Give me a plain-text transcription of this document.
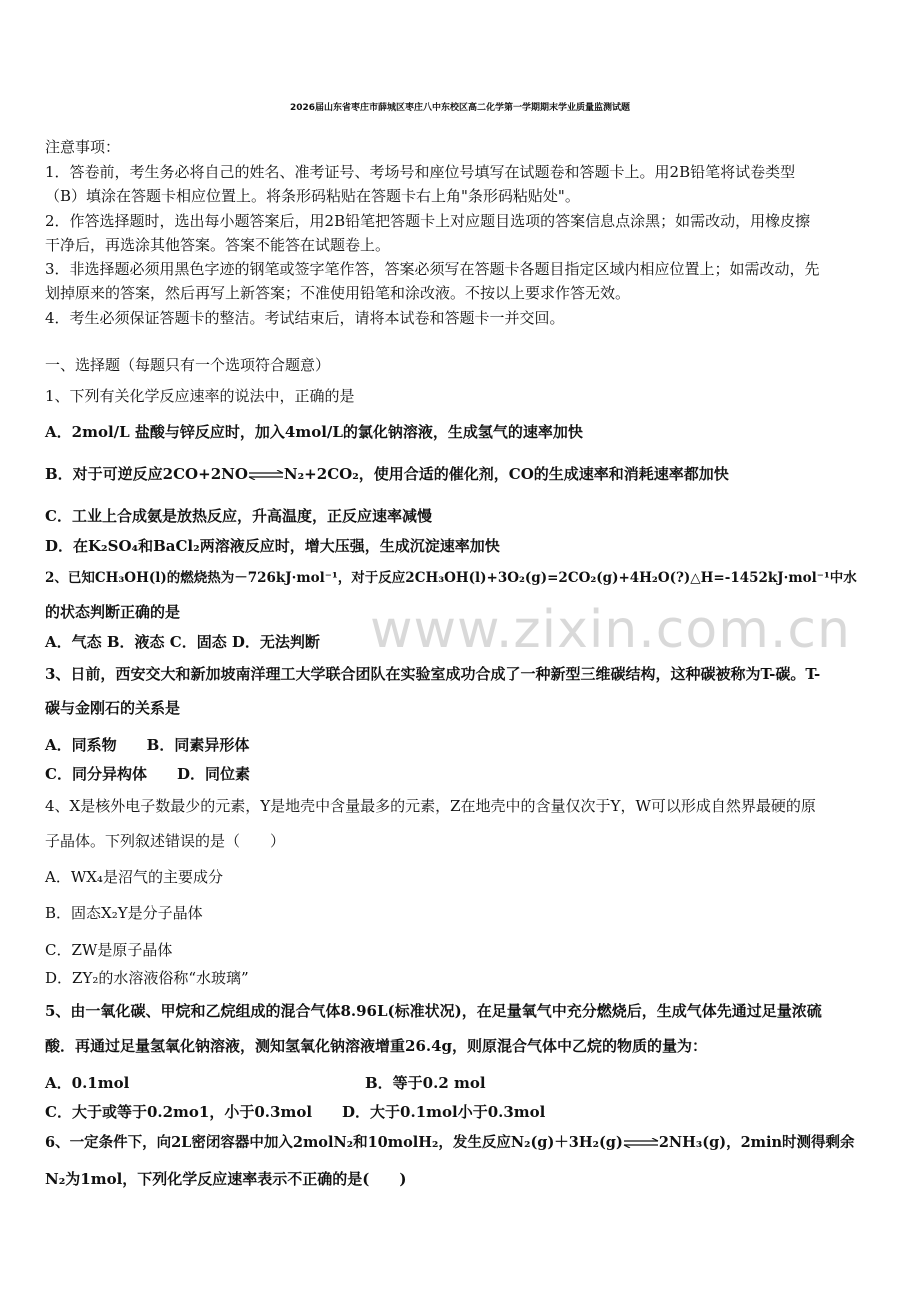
2026届山东省枣庄市薛城区枣庄八中东校区高二化学第一学期期末学业质量监测试题
注意事项：
1．答卷前，考生务必将自己的姓名、准考证号、考场号和座位号填写在试题卷和答题卡上。用2B铅笔将试卷类型
（B）填涂在答题卡相应位置上。将条形码粘贴在答题卡右上角"条形码粘贴处"。
2．作答选择题时，选出每小题答案后，用2B铅笔把答题卡上对应题目选项的答案信息点涂黑；如需改动，用橡皮擦
干净后，再选涂其他答案。答案不能答在试题卷上。
3．非选择题必须用黑色字迹的钢笔或签字笔作答，答案必须写在答题卡各题目指定区域内相应位置上；如需改动，先
划掉原来的答案，然后再写上新答案；不准使用铅笔和涂改液。不按以上要求作答无效。
4．考生必须保证答题卡的整洁。考试结束后，请将本试卷和答题卡一并交回。
一、选择题（每题只有一个选项符合题意）
1、下列有关化学反应速率的说法中，正确的是
A．2mol/L 盐酸与锌反应时，加入4mol/L的氯化钠溶液，生成氢气的速率加快
B．对于可逆反应2CO+2NO⇌N₂+2CO₂，使用合适的催化剂，CO的生成速率和消耗速率都加快
C．工业上合成氨是放热反应，升高温度，正反应速率减慢
D．在K₂SO₄和BaCl₂两溶液反应时，增大压强，生成沉淀速率加快
2、已知CH₃OH(l)的燃烧热为－726kJ·mol⁻¹，对于反应2CH₃OH(l)+3O₂(g)=2CO₂(g)+4H₂O(?)△H=-1452kJ·mol⁻¹中水
的状态判断正确的是
A．气态 B．液态 C．固态 D．无法判断
3、日前，西安交大和新加坡南洋理工大学联合团队在实验室成功合成了一种新型三维碳结构，这种碳被称为T-碳。T-
碳与金刚石的关系是
A．同系物　　B．同素异形体
C．同分异构体　　D．同位素
4、X是核外电子数最少的元素，Y是地壳中含量最多的元素，Z在地壳中的含量仅次于Y，W可以形成自然界最硬的原
子晶体。下列叙述错误的是（　　）
A．WX₄是沼气的主要成分
B．固态X₂Y是分子晶体
C．ZW是原子晶体
D．ZY₂的水溶液俗称“水玻璃”
5、由一氧化碳、甲烷和乙烷组成的混合气体8.96L(标准状况)，在足量氧气中充分燃烧后，生成气体先通过足量浓硫
酸．再通过足量氢氧化钠溶液，测知氢氧化钠溶液增重26.4g，则原混合气体中乙烷的物质的量为：
A．0.1mol	B．等于0.2 mol
C．大于或等于0.2mo1，小于0.3mol　　D．大于0.1mol小于0.3mol
6、一定条件下，向2L密闭容器中加入2molN₂和10molH₂，发生反应N₂(g)＋3H₂(g)⇌2NH₃(g)，2min时测得剩余
N₂为1mol，下列化学反应速率表示不正确的是(　　)
www.zixin.com.cn
